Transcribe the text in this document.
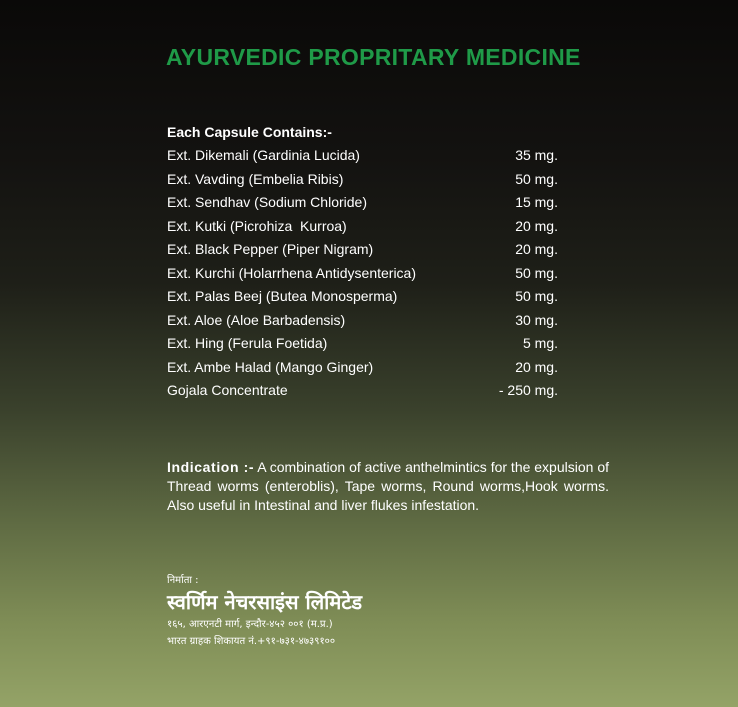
AYURVEDIC PROPRITARY MEDICINE
Each Capsule Contains:-
Ext. Dikemali (Gardinia Lucida)	35 mg.
Ext. Vavding (Embelia Ribis)	50 mg.
Ext. Sendhav (Sodium Chloride)	15 mg.
Ext. Kutki (Picrohiza  Kurroa)	20 mg.
Ext. Black Pepper (Piper Nigram)	20 mg.
Ext. Kurchi (Holarrhena Antidysenterica)	50 mg.
Ext. Palas Beej (Butea Monosperma)	50 mg.
Ext. Aloe (Aloe Barbadensis)	30 mg.
Ext. Hing (Ferula Foetida)	5 mg.
Ext. Ambe Halad (Mango Ginger)	20 mg.
Gojala Concentrate	- 250 mg.
Indication :- A combination of active anthelmintics for the expulsion of Thread worms (enteroblis), Tape worms, Round worms,Hook worms. Also useful in Intestinal and liver flukes infestation.
निर्माता :
स्वर्णिम नेचरसाइंस लिमिटेड
१६५, आरएनटी मार्ग, इन्दौर-४५२ ००१ (म.प्र.)
भारत ग्राहक शिकायत नं.+९१-७३१-४७३९१००
